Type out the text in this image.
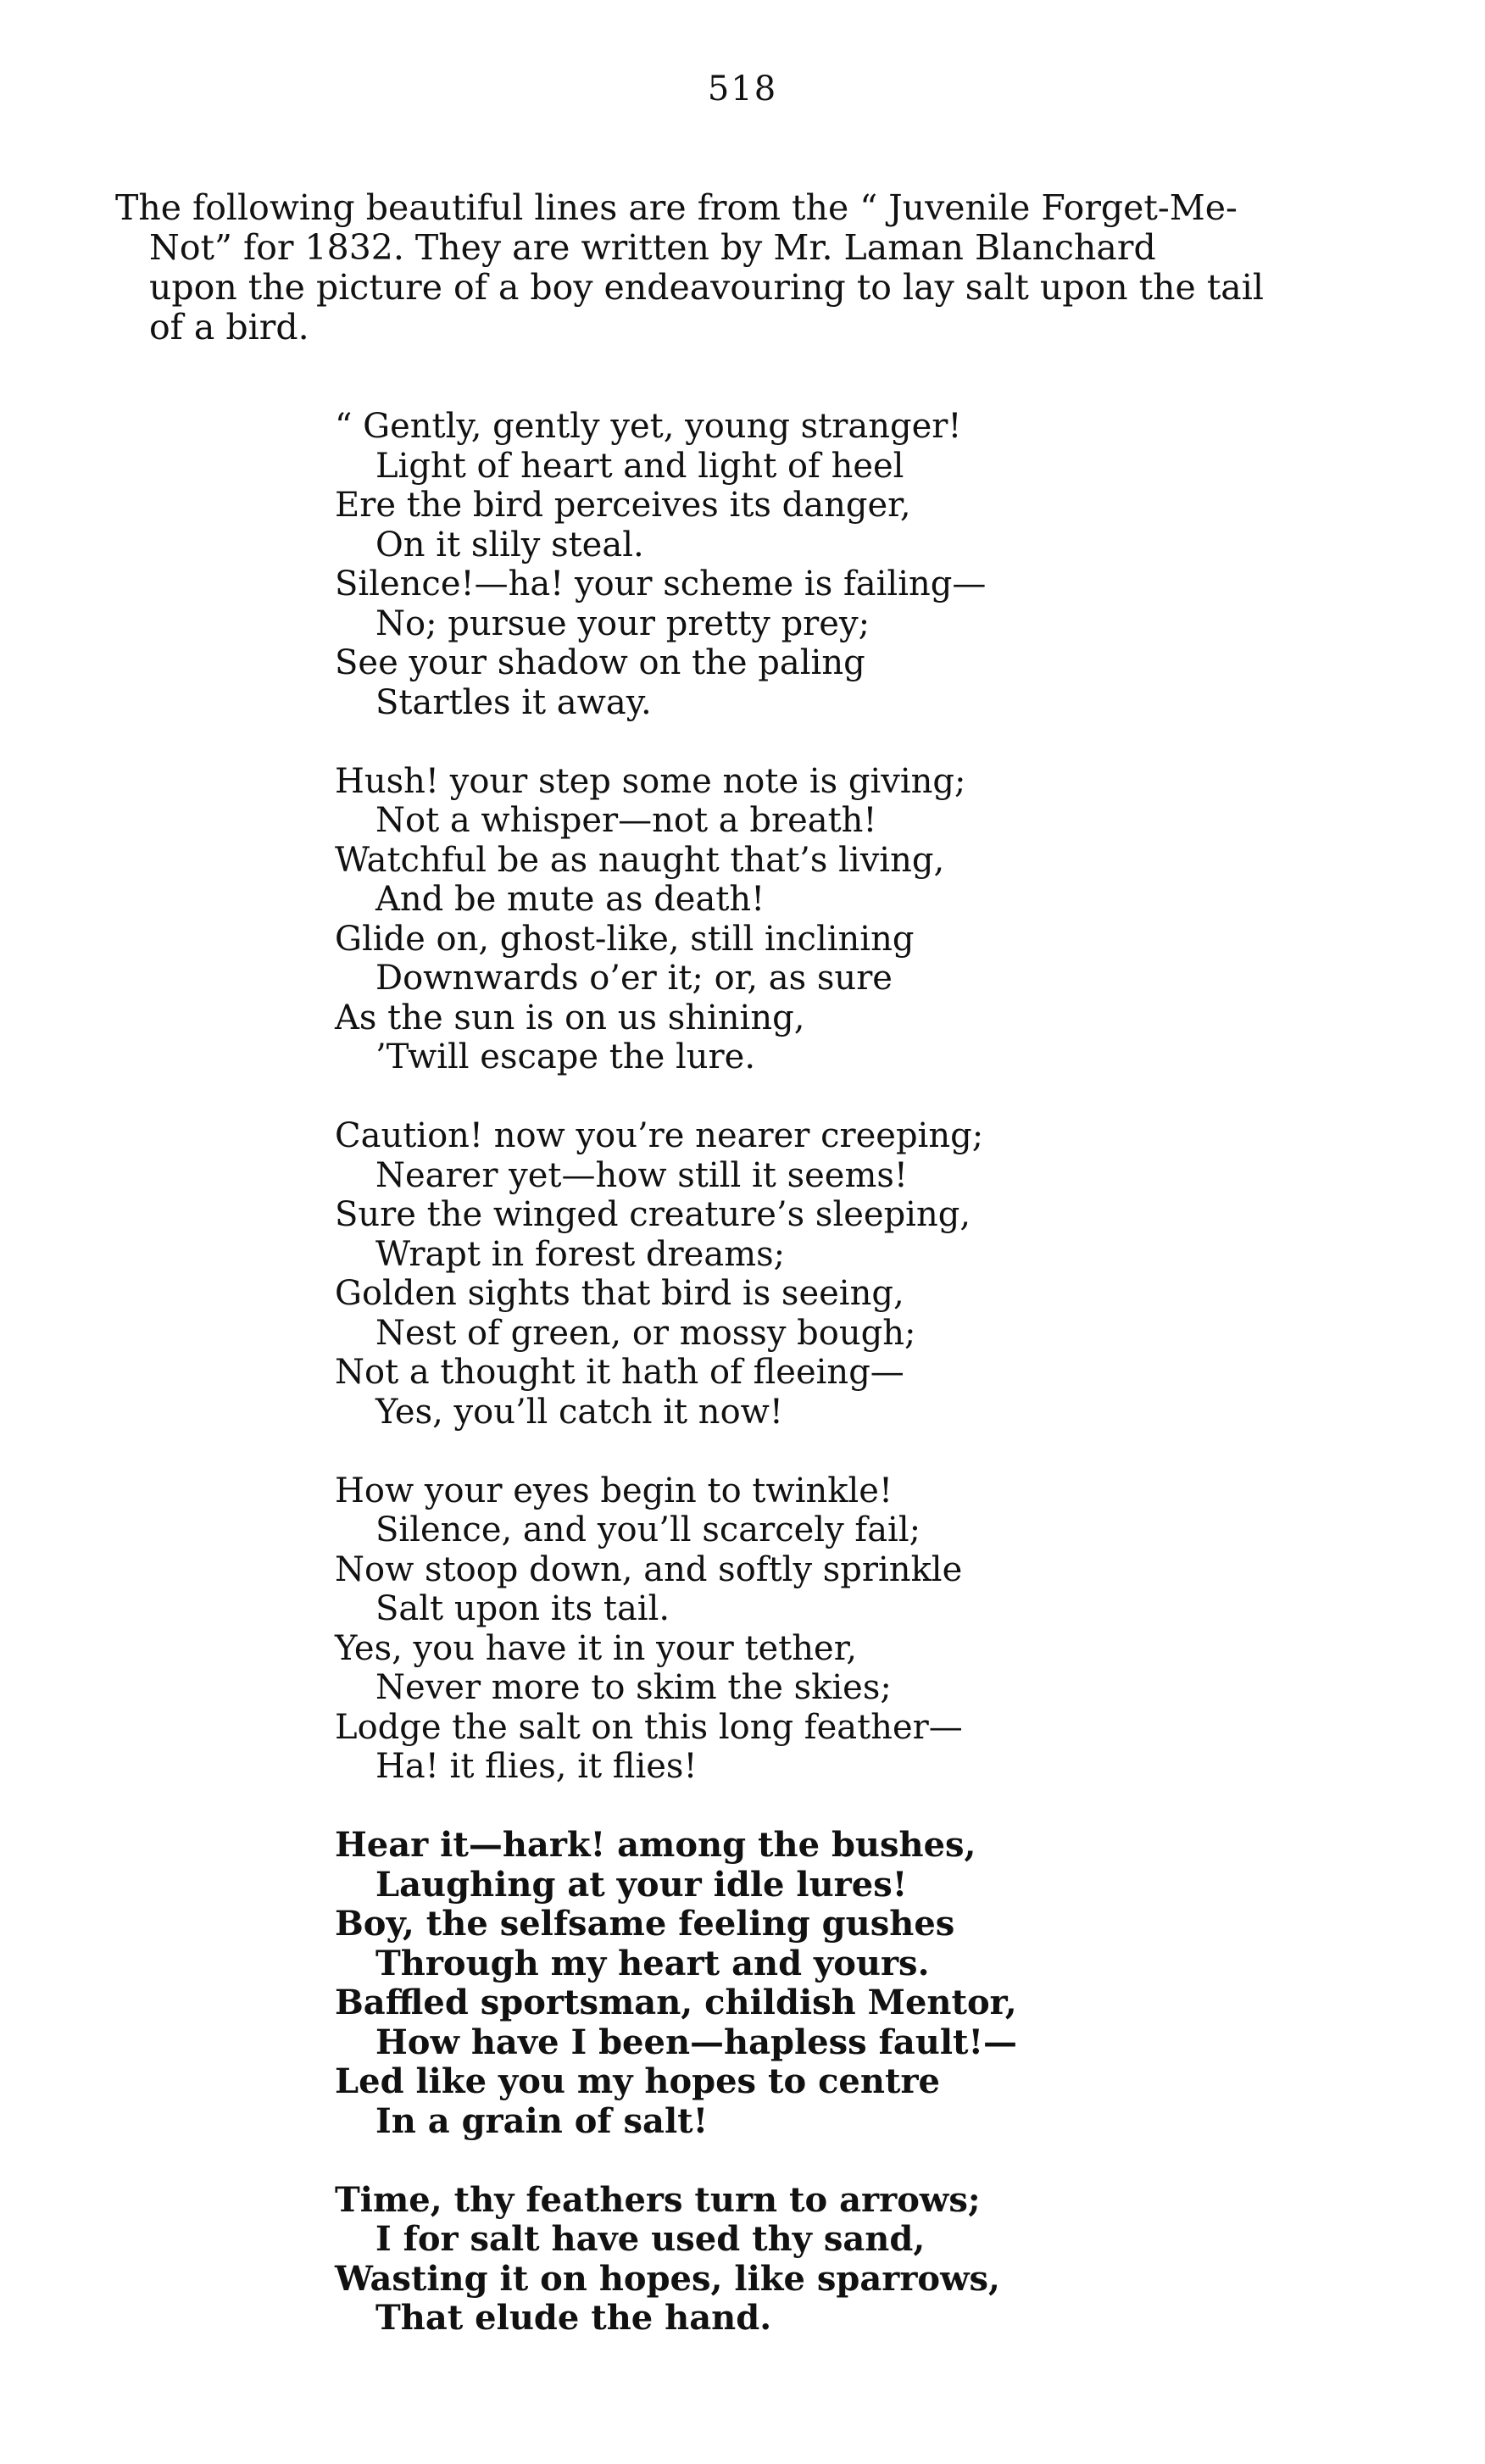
518
The following beautiful lines are from the “ Juvenile Forget-Me-
Not” for 1832. They are written by Mr. Laman Blanchard
upon the picture of a boy endeavouring to lay salt upon the tail
of a bird.
“ Gently, gently yet, young stranger!
Light of heart and light of heel
Ere the bird perceives its danger,
On it slily steal.
Silence!—ha! your scheme is failing—
No; pursue your pretty prey;
See your shadow on the paling
Startles it away.
Hush! your step some note is giving;
Not a whisper—not a breath!
Watchful be as naught that’s living,
And be mute as death!
Glide on, ghost-like, still inclining
Downwards o’er it; or, as sure
As the sun is on us shining,
’Twill escape the lure.
Caution! now you’re nearer creeping;
Nearer yet—how still it seems!
Sure the winged creature’s sleeping,
Wrapt in forest dreams;
Golden sights that bird is seeing,
Nest of green, or mossy bough;
Not a thought it hath of fleeing—
Yes, you’ll catch it now!
How your eyes begin to twinkle!
Silence, and you’ll scarcely fail;
Now stoop down, and softly sprinkle
Salt upon its tail.
Yes, you have it in your tether,
Never more to skim the skies;
Lodge the salt on this long feather—
Ha! it flies, it flies!
Hear it—hark! among the bushes,
Laughing at your idle lures!
Boy, the selfsame feeling gushes
Through my heart and yours.
Baffled sportsman, childish Mentor,
How have I been—hapless fault!—
Led like you my hopes to centre
In a grain of salt!
Time, thy feathers turn to arrows;
I for salt have used thy sand,
Wasting it on hopes, like sparrows,
That elude the hand.
